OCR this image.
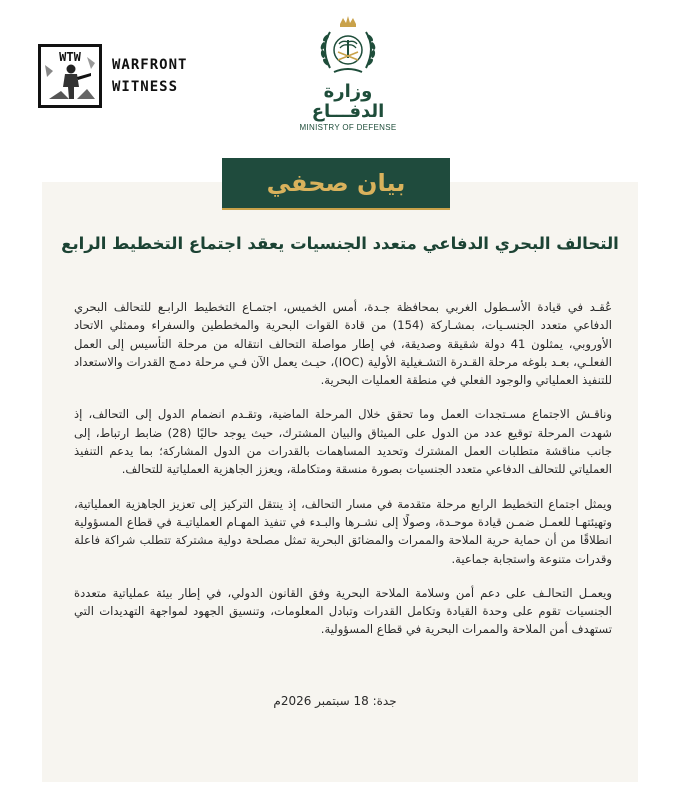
WTW WARFRONT
WITNESS	وزارة الدفـــاع
MINISTRY OF DEFENSE
بيان صحفي
التحالف البحري الدفاعي متعدد الجنسيات يعقد اجتماع التخطيط الرابع

عُقـد في قيادة الأسـطول الغربي بمحافظة جـدة، أمس الخميس، اجتمـاع التخطيط الرابـع للتحالف البحري الدفاعي متعدد الجنسـيات، بمشـاركة (154) من قادة القوات البحرية والمخططين والسفراء وممثلي الاتحاد الأوروبي، يمثلون 41 دولة شقيقة وصديقة، في إطار مواصلة التحالف انتقاله من مرحلة التأسيس إلى العمل الفعلـي، بعـد بلوغه مرحلة القـدرة التشـغيلية الأولية (IOC)، حيـث يعمل الآن فـي مرحلة دمـج القدرات والاستعداد للتنفيذ العملياتي والوجود الفعلي في منطقة العمليات البحرية.

وناقـش الاجتماع مسـتجدات العمل وما تحقق خلال المرحلة الماضية، وتقـدم انضمام الدول إلى التحالف، إذ شهدت المرحلة توقيع عدد من الدول على الميثاق والبيان المشترك، حيث يوجد حاليًا (28) ضابط ارتباط، إلى جانب مناقشة متطلبات العمل المشترك وتحديد المساهمات بالقدرات من الدول المشاركة؛ بما يدعم التنفيذ العملياتي للتحالف الدفاعي متعدد الجنسيات بصورة منسقة ومتكاملة، ويعزز الجاهزية العملياتية للتحالف.

ويمثل اجتماع التخطيط الرابع مرحلة متقدمة في مسار التحالف، إذ ينتقل التركيز إلى تعزيز الجاهزية العملياتية، وتهيئتهـا للعمـل ضمـن قيادة موحـدة، وصولًا إلى نشـرها والبـدء في تنفيذ المهـام العملياتيـة في قطاع المسؤولية انطلاقًا من أن حماية حرية الملاحة والممرات والمضائق البحرية تمثل مصلحة دولية مشتركة تتطلب شراكة فاعلة وقدرات متنوعة واستجابة جماعية.

ويعمـل التحالـف على دعم أمن وسلامة الملاحة البحرية وفق القانون الدولي، في إطار بيئة عملياتية متعددة الجنسيات تقوم على وحدة القيادة وتكامل القدرات وتبادل المعلومات، وتنسيق الجهود لمواجهة التهديدات التي تستهدف أمن الملاحة والممرات البحرية في قطاع المسؤولية.

جدة: 18 سبتمبر 2026م
